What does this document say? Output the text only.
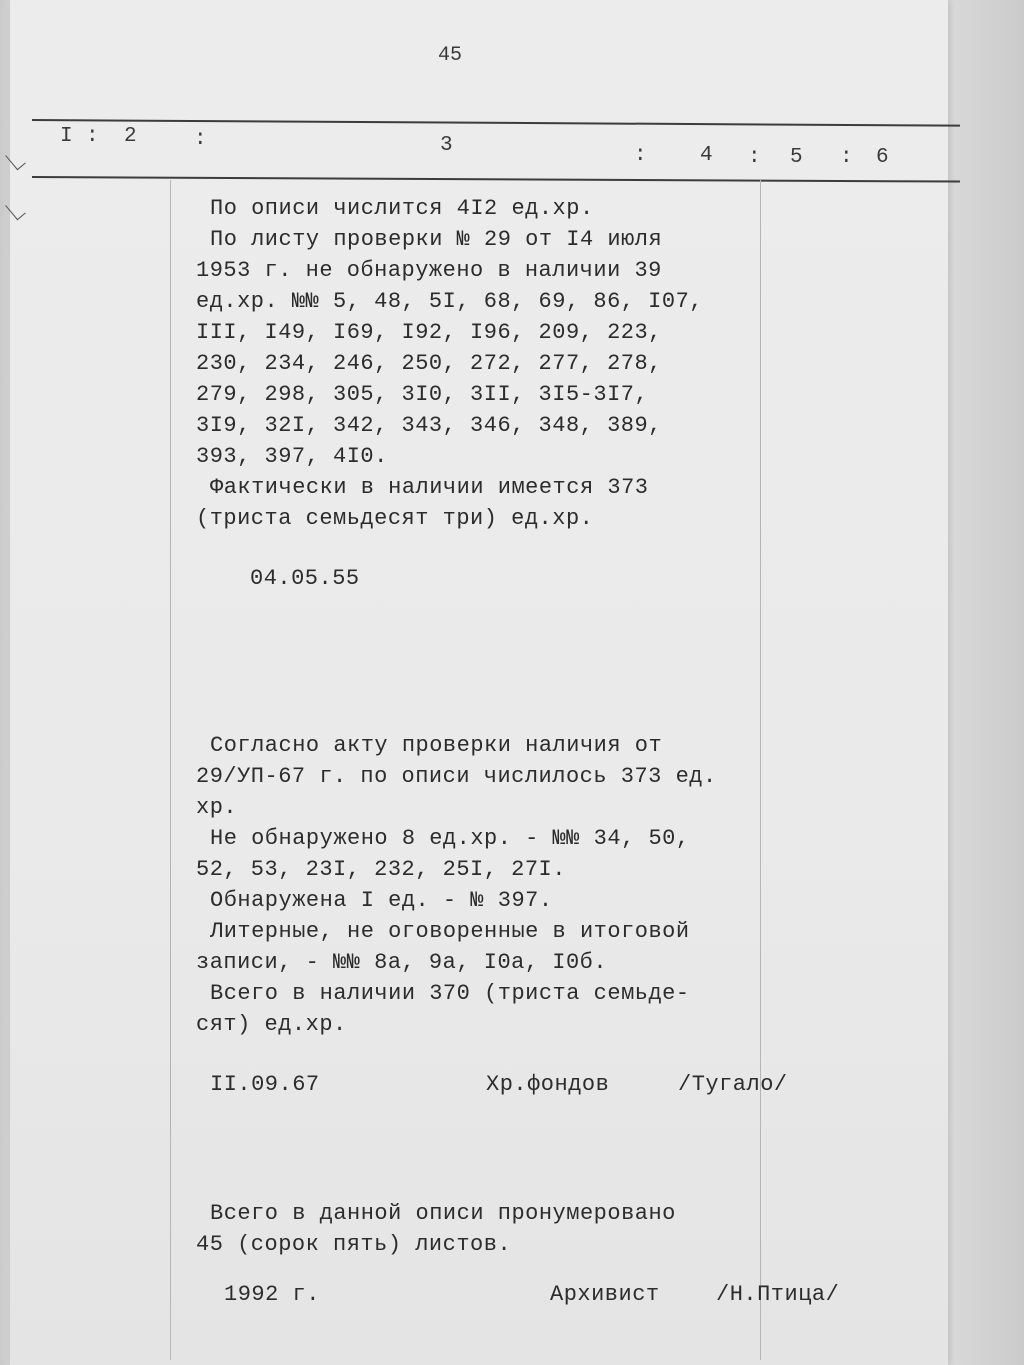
45
I : 2	:	3	:	4 : 5 : 6
По описи числится 4I2 ед.хр.
По листу проверки № 29 от I4 июля
1953 г. не обнаружено в наличии 39
ед.хр. №№ 5, 48, 5I, 68, 69, 86, I07,
III, I49, I69, I92, I96, 209, 223,
230, 234, 246, 250, 272, 277, 278,
279, 298, 305, 3I0, 3II, 3I5-3I7,
3I9, 32I, 342, 343, 346, 348, 389,
393, 397, 4I0.
Фактически в наличии имеется 373
(триста семьдесят три) ед.хр.
04.05.55
Согласно акту проверки наличия от
29/УП-67 г. по описи числилось 373 ед.
хр.
Не обнаружено 8 ед.хр. - №№ 34, 50,
52, 53, 23I, 232, 25I, 27I.
Обнаружена I ед. - № 397.
Литерные, не оговоренные в итоговой
записи, - №№ 8а, 9а, I0а, I0б.
Всего в наличии 370 (триста семьде-
сят) ед.хр.
II.09.67	Хр.фондов	/Тугало/
Всего в данной описи пронумеровано
45 (сорок пять) листов.
1992 г.	Архивист	/Н.Птица/
